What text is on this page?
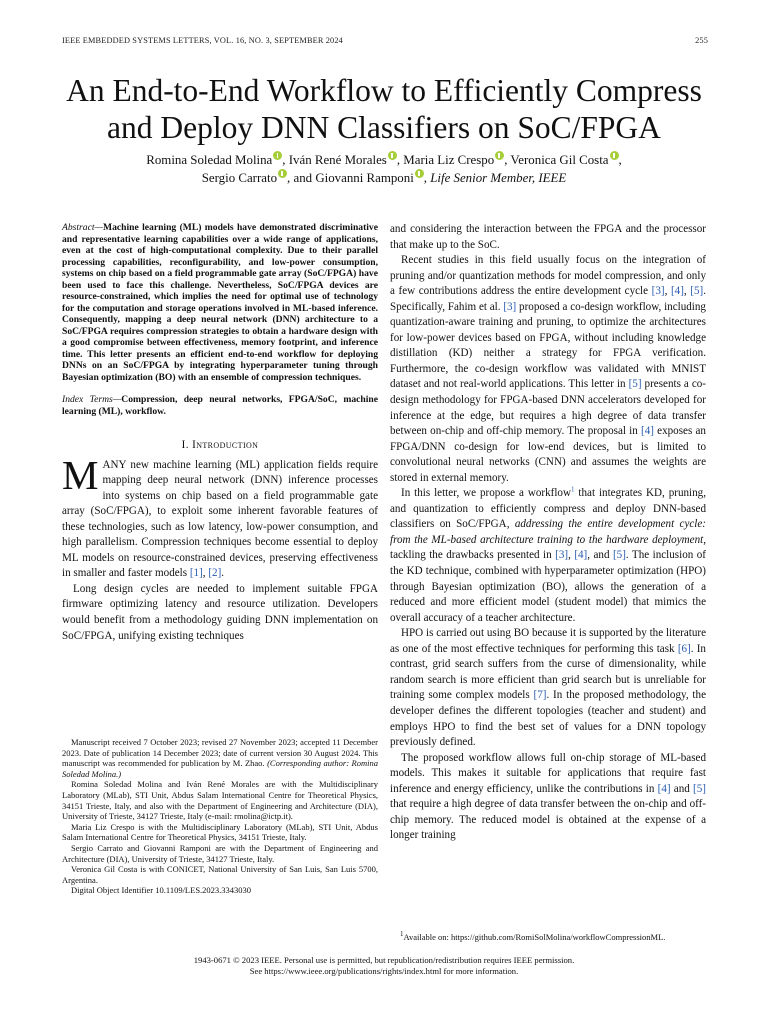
IEEE EMBEDDED SYSTEMS LETTERS, VOL. 16, NO. 3, SEPTEMBER 2024	255
An End-to-End Workflow to Efficiently Compress
and Deploy DNN Classifiers on SoC/FPGA
Romina Soledad Molina , Iván René Morales , Maria Liz Crespo , Veronica Gil Costa ,
Sergio Carrato , and Giovanni Ramponi , Life Senior Member, IEEE

Abstract—Machine learning (ML) models have demonstrated discriminative and representative learning capabilities over a wide range of applications, even at the cost of high-computational complexity. Due to their parallel processing capabilities, reconfigurability, and low-power consumption, systems on chip based on a field programmable gate array (SoC/FPGA) have been used to face this challenge. Nevertheless, SoC/FPGA devices are resource-constrained, which implies the need for optimal use of technology for the computation and storage operations involved in ML-based inference. Consequently, mapping a deep neural network (DNN) architecture to a SoC/FPGA requires compression strategies to obtain a hardware design with a good compromise between effectiveness, memory footprint, and inference time. This letter presents an efficient end-to-end workflow for deploying DNNs on an SoC/FPGA by integrating hyperparameter tuning through Bayesian optimization (BO) with an ensemble of compression techniques.

Index Terms—Compression, deep neural networks, FPGA/SoC, machine learning (ML), workflow.

I. Introduction

MANY new machine learning (ML) application fields require mapping deep neural network (DNN) inference processes into systems on chip based on a field programmable gate array (SoC/FPGA), to exploit some inherent favorable features of these technologies, such as low latency, low-power consumption, and high parallelism. Compression techniques become essential to deploy ML models on resource-constrained devices, preserving effectiveness in smaller and faster models [1], [2].

Long design cycles are needed to implement suitable FPGA firmware optimizing latency and resource utilization. Developers would benefit from a methodology guiding DNN implementation on SoC/FPGA, unifying existing techniques

Manuscript received 7 October 2023; revised 27 November 2023; accepted 11 December 2023. Date of publication 14 December 2023; date of current version 30 August 2024. This manuscript was recommended for publication by M. Zhao. (Corresponding author: Romina Soledad Molina.)

Romina Soledad Molina and Iván René Morales are with the Multidisciplinary Laboratory (MLab), STI Unit, Abdus Salam International Centre for Theoretical Physics, 34151 Trieste, Italy, and also with the Department of Engineering and Architecture (DIA), University of Trieste, 34127 Trieste, Italy (e-mail: rmolina@ictp.it).

Maria Liz Crespo is with the Multidisciplinary Laboratory (MLab), STI Unit, Abdus Salam International Centre for Theoretical Physics, 34151 Trieste, Italy.

Sergio Carrato and Giovanni Ramponi are with the Department of Engineering and Architecture (DIA), University of Trieste, 34127 Trieste, Italy.

Veronica Gil Costa is with CONICET, National University of San Luis, San Luis 5700, Argentina.

Digital Object Identifier 10.1109/LES.2023.3343030

and considering the interaction between the FPGA and the processor that make up to the SoC.

Recent studies in this field usually focus on the integration of pruning and/or quantization methods for model compression, and only a few contributions address the entire development cycle [3], [4], [5]. Specifically, Fahim et al. [3] proposed a co-design workflow, including quantization-aware training and pruning, to optimize the architectures for low-power devices based on FPGA, without including knowledge distillation (KD) neither a strategy for FPGA verification. Furthermore, the co-design workflow was validated with MNIST dataset and not real-world applications. This letter in [5] presents a co-design methodology for FPGA-based DNN accelerators developed for inference at the edge, but requires a high degree of data transfer between on-chip and off-chip memory. The proposal in [4] exposes an FPGA/DNN co-design for low-end devices, but is limited to convolutional neural networks (CNN) and assumes the weights are stored in external memory.

In this letter, we propose a workflow$^1$ that integrates KD, pruning, and quantization to efficiently compress and deploy DNN-based classifiers on SoC/FPGA, addressing the entire development cycle: from the ML-based architecture training to the hardware deployment, tackling the drawbacks presented in [3], [4], and [5]. The inclusion of the KD technique, combined with hyperparameter optimization (HPO) through Bayesian optimization (BO), allows the generation of a reduced and more efficient model (student model) that mimics the overall accuracy of a teacher architecture.

HPO is carried out using BO because it is supported by the literature as one of the most effective techniques for performing this task [6]. In contrast, grid search suffers from the curse of dimensionality, while random search is more efficient than grid search but is unreliable for training some complex models [7]. In the proposed methodology, the developer defines the different topologies (teacher and student) and employs HPO to find the best set of values for a DNN topology previously defined.

The proposed workflow allows full on-chip storage of ML-based models. This makes it suitable for applications that require fast inference and energy efficiency, unlike the contributions in [4] and [5] that require a high degree of data transfer between the on-chip and off-chip memory. The reduced model is obtained at the expense of a longer training

$^1$Available on: https://github.com/RomiSolMolina/workflowCompressionML.
1943-0671 © 2023 IEEE. Personal use is permitted, but republication/redistribution requires IEEE permission.
See https://www.ieee.org/publications/rights/index.html for more information.
